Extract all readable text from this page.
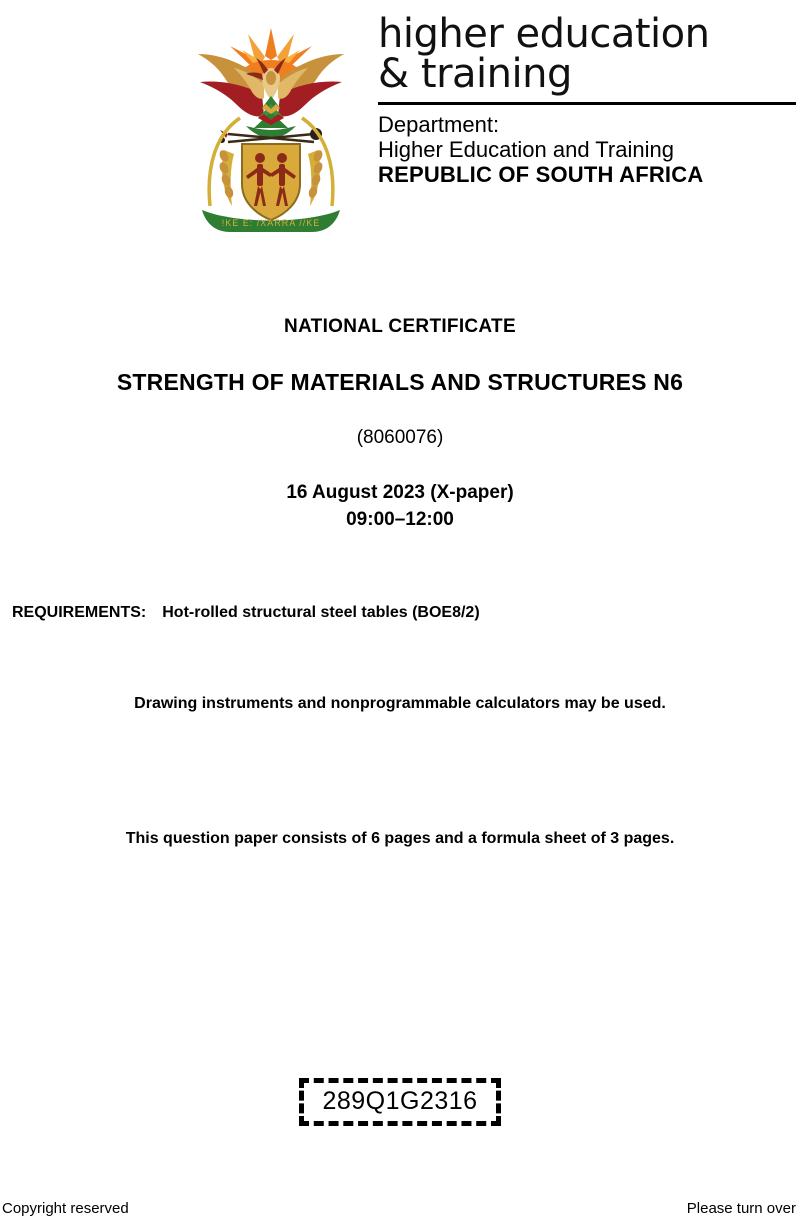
!KE E: /XARRA //KE
higher education
& training
Department:
Higher Education and Training
REPUBLIC OF SOUTH AFRICA
NATIONAL CERTIFICATE
STRENGTH OF MATERIALS AND STRUCTURES N6
(8060076)
16 August 2023 (X-paper)
09:00–12:00
REQUIREMENTS: Hot-rolled structural steel tables (BOE8/2)
Drawing instruments and nonprogrammable calculators may be used.
This question paper consists of 6 pages and a formula sheet of 3 pages.
289Q1G2316
Copyright reserved	Please turn over
